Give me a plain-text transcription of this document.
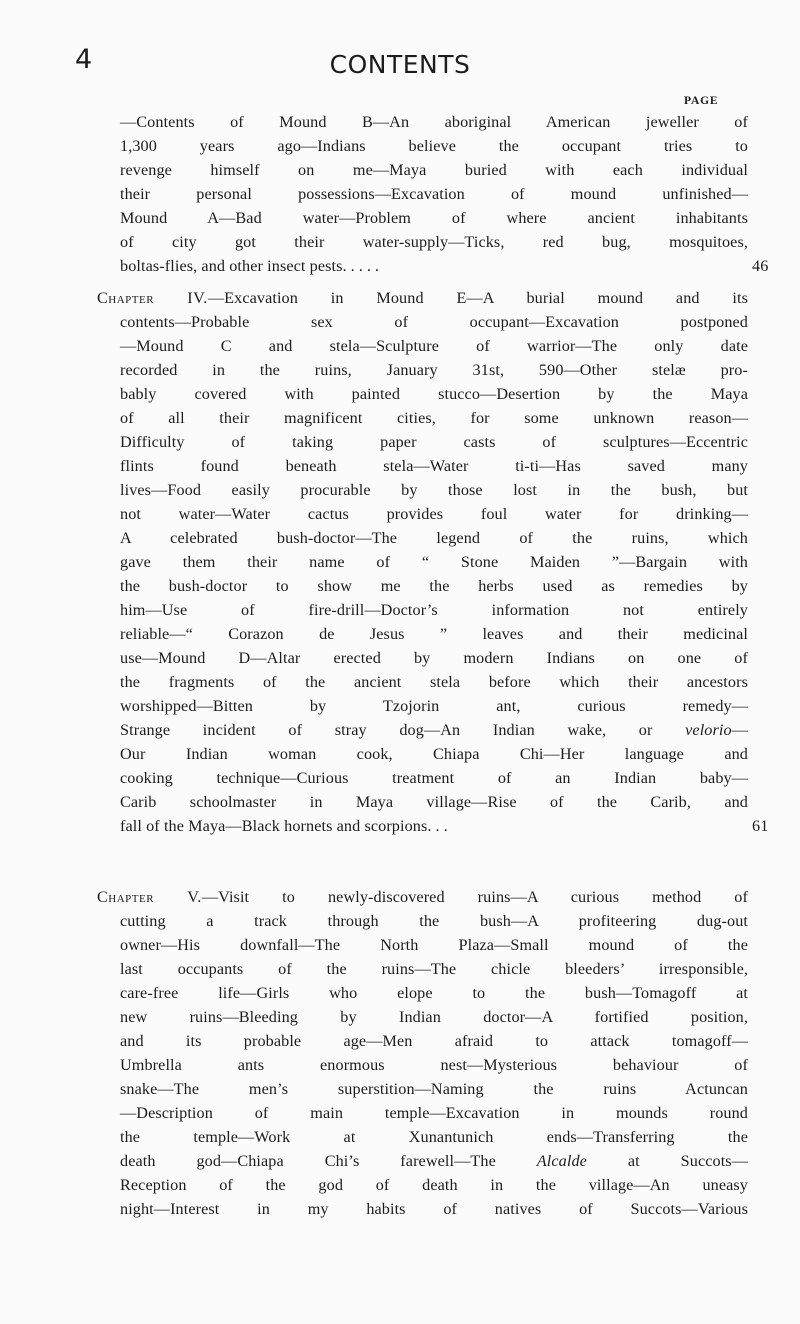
4	CONTENTS
PAGE
—Contents of Mound B—An aboriginal American jeweller of
1,300 years ago—Indians believe the occupant tries to
revenge himself on me—Maya buried with each individual
their personal possessions—Excavation of mound unfinished—
Mound A—Bad water—Problem of where ancient inhabitants
of city got their water-supply—Ticks, red bug, mosquitoes,
boltas-flies, and other insect pests . . . . .	46
Chapter IV.—Excavation in Mound E—A burial mound and its
contents—Probable sex of occupant—Excavation postponed
—Mound C and stela—Sculpture of warrior—The only date
recorded in the ruins, January 31st, 590—Other stelæ pro-
bably covered with painted stucco—Desertion by the Maya
of all their magnificent cities, for some unknown reason—
Difficulty of taking paper casts of sculptures—Eccentric
flints found beneath stela—Water ti-ti—Has saved many
lives—Food easily procurable by those lost in the bush, but
not water—Water cactus provides foul water for drinking—
A celebrated bush-doctor—The legend of the ruins, which
gave them their name of “ Stone Maiden ”—Bargain with
the bush-doctor to show me the herbs used as remedies by
him—Use of fire-drill—Doctor’s information not entirely
reliable—“ Corazon de Jesus ” leaves and their medicinal
use—Mound D—Altar erected by modern Indians on one of
the fragments of the ancient stela before which their ancestors
worshipped—Bitten by Tzojorin ant, curious remedy—
Strange incident of stray dog—An Indian wake, or velorio—
Our Indian woman cook, Chiapa Chi—Her language and
cooking technique—Curious treatment of an Indian baby—
Carib schoolmaster in Maya village—Rise of the Carib, and
fall of the Maya—Black hornets and scorpions . . .	61
Chapter V.—Visit to newly-discovered ruins—A curious method of
cutting a track through the bush—A profiteering dug-out
owner—His downfall—The North Plaza—Small mound of the
last occupants of the ruins—The chicle bleeders’ irresponsible,
care-free life—Girls who elope to the bush—Tomagoff at
new ruins—Bleeding by Indian doctor—A fortified position,
and its probable age—Men afraid to attack tomagoff—
Umbrella ants enormous nest—Mysterious behaviour of
snake—The men’s superstition—Naming the ruins Actuncan
—Description of main temple—Excavation in mounds round
the temple—Work at Xunantunich ends—Transferring the
death god—Chiapa Chi’s farewell—The Alcalde at Succots—
Reception of the god of death in the village—An uneasy
night—Interest in my habits of natives of Succots—Various
